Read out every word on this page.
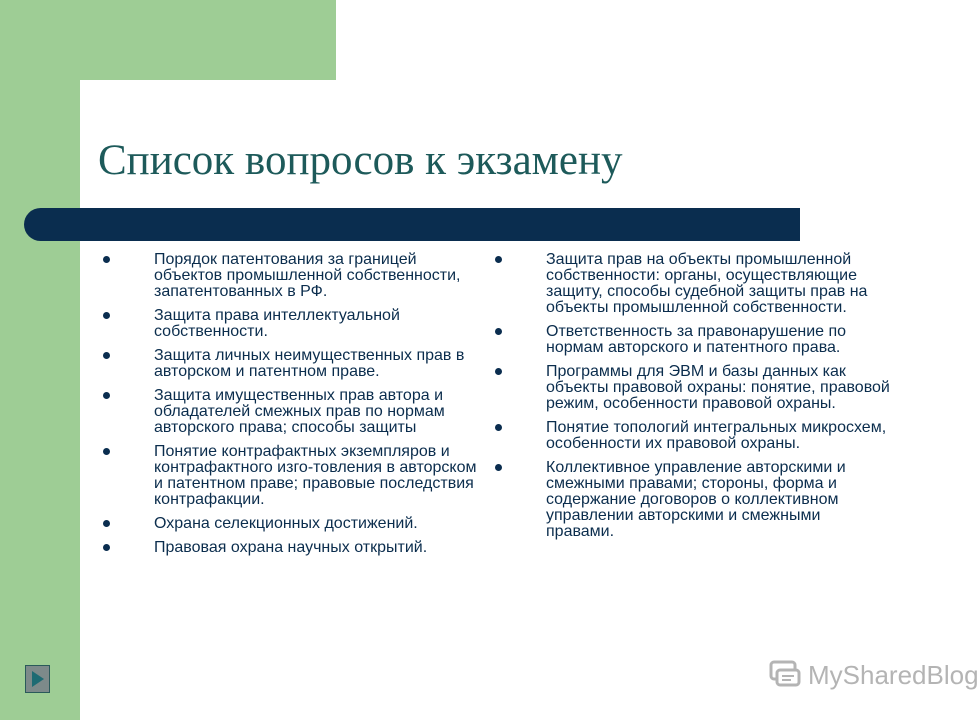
Список вопросов к экзамену
Порядок патентования за границей объектов промышленной собственности, запатентованных в РФ.
Защита права интеллектуальной собственности.
Защита личных неимущественных прав в авторском и патентном праве.
Защита имущественных прав автора и обладателей смежных прав по нормам авторского права; способы защиты
Понятие контрафактных экземпляров и контрафактного изго-товления в авторском и патентном праве; правовые последствия контрафакции.
Охрана селекционных достижений.
Правовая охрана научных открытий.
Защита прав на объекты промышленной собственности: органы, осуществляющие защиту, способы судебной защиты прав на объекты промышленной собственности.
Ответственность за правонарушение по нормам авторского и патентного права.
Программы для ЭВМ и базы данных как объекты правовой охраны: понятие, правовой режим, особенности правовой охраны.
Понятие топологий интегральных микросхем, особенности их правовой охраны.
Коллективное управление авторскими и смежными правами; стороны, форма и содержание договоров о коллективном управлении авторскими и смежными правами.
MySharedBlog
